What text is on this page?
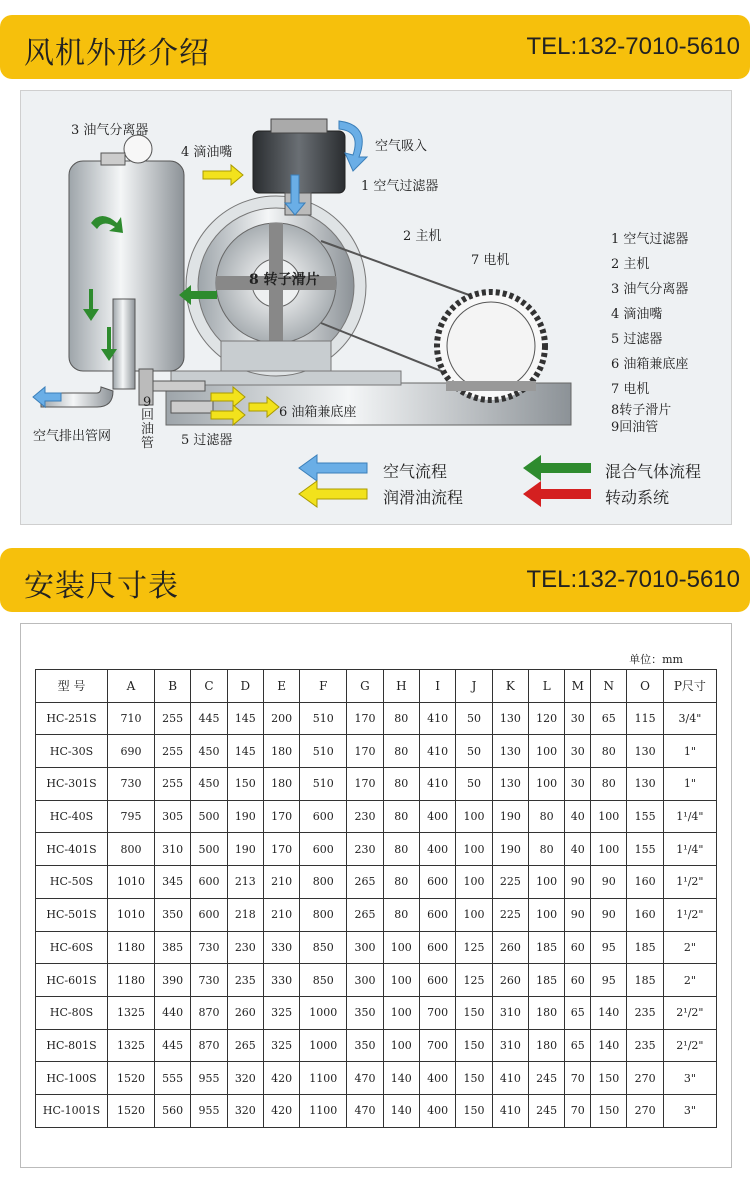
风机外形介绍	TEL:132-7010-5610
3 油气分离器
4 滴油嘴	空气吸入
1 空气过滤器
2 主机
8 转子滑片
7 电机
6 油箱兼底座
空气排出管网
9
回油管 5 过滤器
1 空气过滤器
2 主机
3 油气分离器
4 滴油嘴
5 过滤器
6 油箱兼底座
7 电机
8转子滑片
9回油管
空气流程
润滑油流程
混合气体流程
转动系统
安装尺寸表	TEL:132-7010-5610
单位：mm
型 号	A	B	C	D	E	F	G	H	I	J	K	L	M	N	O	P尺寸
HC-251S	710	255	445	145	200	510	170	80	410	50	130	120	30	65	115	3/4"
HC-30S	690	255	450	145	180	510	170	80	410	50	130	100	30	80	130	1"
HC-301S	730	255	450	150	180	510	170	80	410	50	130	100	30	80	130	1"
HC-40S	795	305	500	190	170	600	230	80	400	100	190	80	40	100	155	1¹/4"
HC-401S	800	310	500	190	170	600	230	80	400	100	190	80	40	100	155	1¹/4"
HC-50S	1010	345	600	213	210	800	265	80	600	100	225	100	90	90	160	1¹/2"
HC-501S	1010	350	600	218	210	800	265	80	600	100	225	100	90	90	160	1¹/2"
HC-60S	1180	385	730	230	330	850	300	100	600	125	260	185	60	95	185	2"
HC-601S	1180	390	730	235	330	850	300	100	600	125	260	185	60	95	185	2"
HC-80S	1325	440	870	260	325	1000	350	100	700	150	310	180	65	140	235	2¹/2"
HC-801S	1325	445	870	265	325	1000	350	100	700	150	310	180	65	140	235	2¹/2"
HC-100S	1520	555	955	320	420	1100	470	140	400	150	410	245	70	150	270	3"
HC-1001S	1520	560	955	320	420	1100	470	140	400	150	410	245	70	150	270	3"
